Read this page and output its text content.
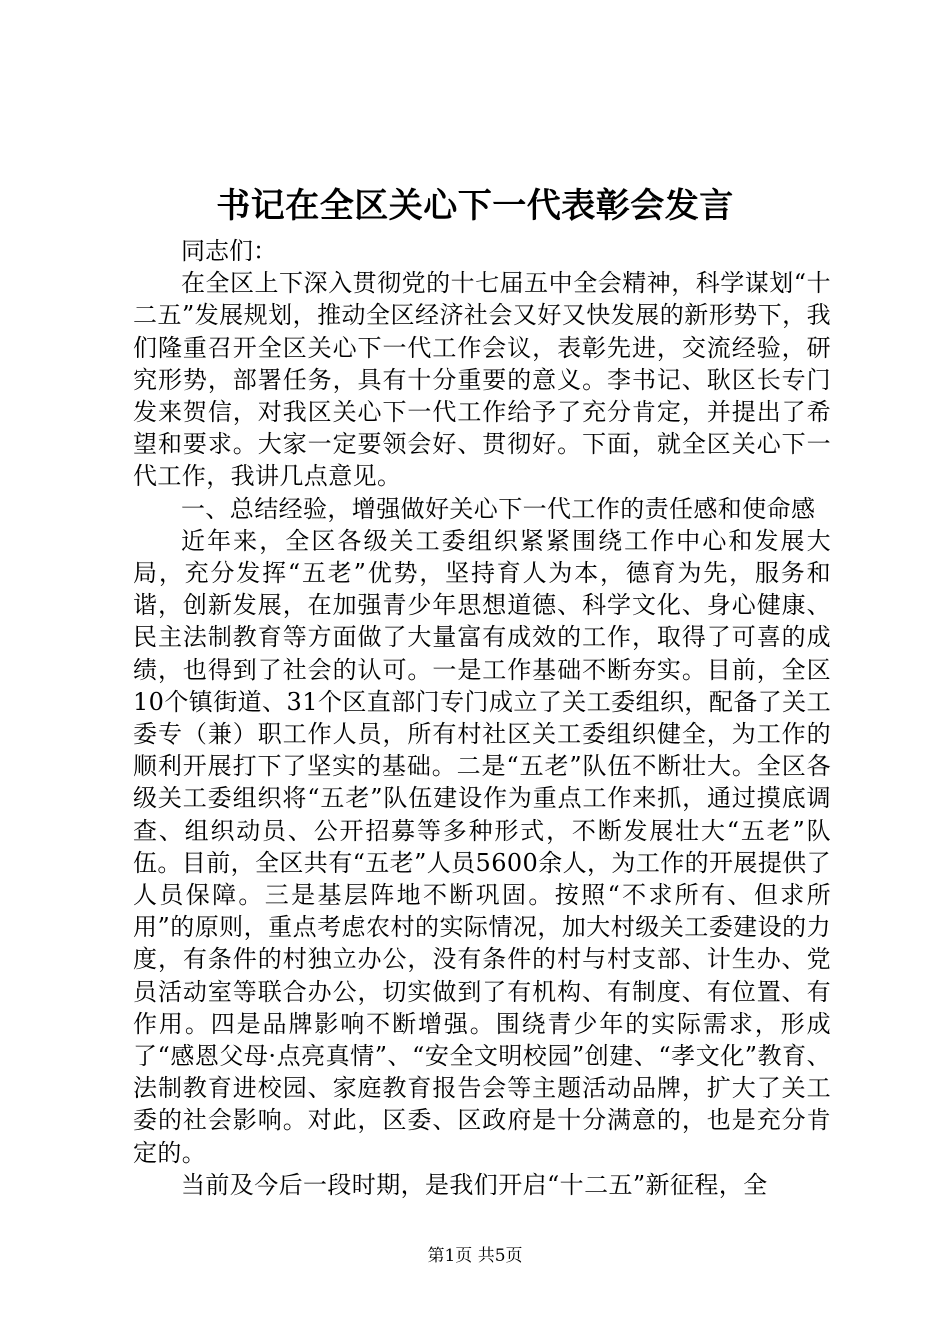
书记在全区关心下一代表彰会发言

同志们：

在全区上下深入贯彻党的十七届五中全会精神，科学谋划“十二五”发展规划，推动全区经济社会又好又快发展的新形势下，我们隆重召开全区关心下一代工作会议，表彰先进，交流经验，研究形势，部署任务，具有十分重要的意义。李书记、耿区长专门发来贺信，对我区关心下一代工作给予了充分肯定，并提出了希望和要求。大家一定要领会好、贯彻好。下面，就全区关心下一代工作，我讲几点意见。

一、总结经验，增强做好关心下一代工作的责任感和使命感

近年来，全区各级关工委组织紧紧围绕工作中心和发展大局，充分发挥“五老”优势，坚持育人为本，德育为先，服务和谐，创新发展，在加强青少年思想道德、科学文化、身心健康、民主法制教育等方面做了大量富有成效的工作，取得了可喜的成绩，也得到了社会的认可。一是工作基础不断夯实。目前，全区10个镇街道、31个区直部门专门成立了关工委组织，配备了关工委专（兼）职工作人员，所有村社区关工委组织健全，为工作的顺利开展打下了坚实的基础。二是“五老”队伍不断壮大。全区各级关工委组织将“五老”队伍建设作为重点工作来抓，通过摸底调查、组织动员、公开招募等多种形式，不断发展壮大“五老”队伍。目前，全区共有“五老”人员5600余人，为工作的开展提供了人员保障。三是基层阵地不断巩固。按照“不求所有、但求所用”的原则，重点考虑农村的实际情况，加大村级关工委建设的力度，有条件的村独立办公，没有条件的村与村支部、计生办、党员活动室等联合办公，切实做到了有机构、有制度、有位置、有作用。四是品牌影响不断增强。围绕青少年的实际需求，形成了“感恩父母·点亮真情”、“安全文明校园”创建、“孝文化”教育、法制教育进校园、家庭教育报告会等主题活动品牌，扩大了关工委的社会影响。对此，区委、区政府是十分满意的，也是充分肯定的。

当前及今后一段时期，是我们开启“十二五”新征程，全

第1页 共5页
